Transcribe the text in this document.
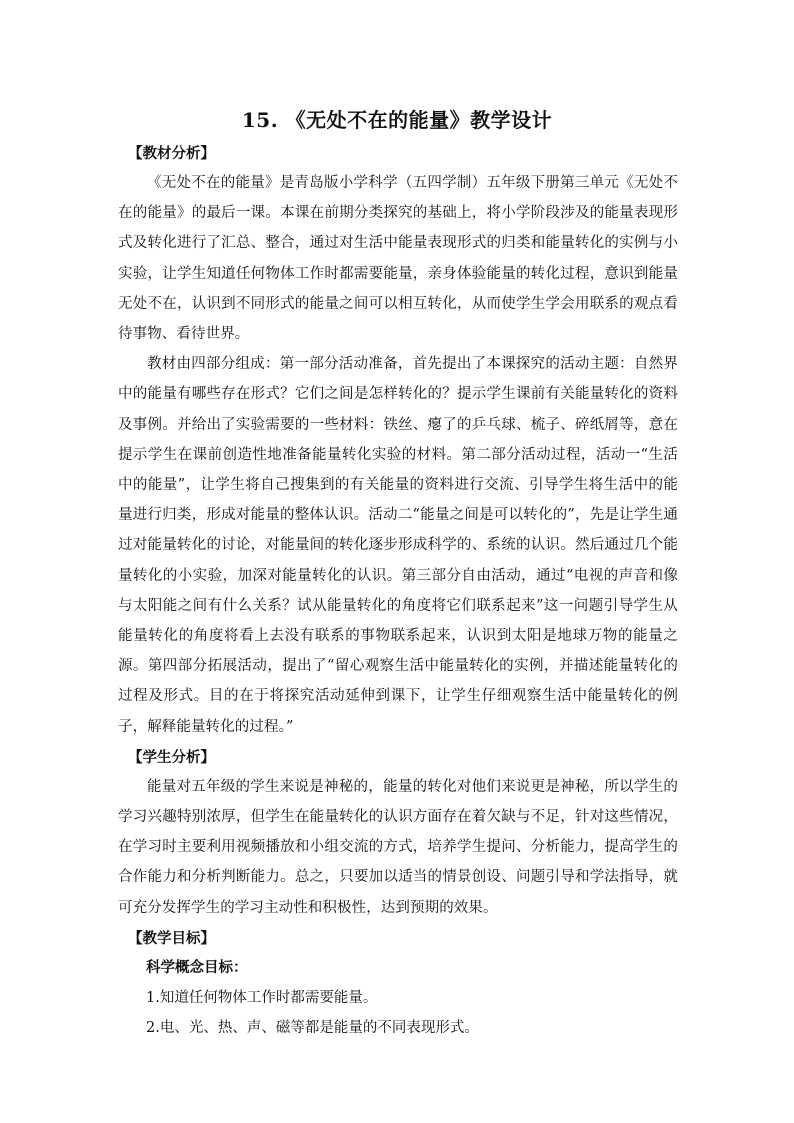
15. 《无处不在的能量》教学设计
【教材分析】

《无处不在的能量》是青岛版小学科学（五四学制）五年级下册第三单元《无处不在的能量》的最后一课。本课在前期分类探究的基础上，将小学阶段涉及的能量表现形式及转化进行了汇总、整合，通过对生活中能量表现形式的归类和能量转化的实例与小实验，让学生知道任何物体工作时都需要能量，亲身体验能量的转化过程，意识到能量无处不在，认识到不同形式的能量之间可以相互转化，从而使学生学会用联系的观点看待事物、看待世界。

教材由四部分组成：第一部分活动准备，首先提出了本课探究的活动主题：自然界中的能量有哪些存在形式？它们之间是怎样转化的？提示学生课前有关能量转化的资料及事例。并给出了实验需要的一些材料：铁丝、瘪了的乒乓球、梳子、碎纸屑等，意在提示学生在课前创造性地准备能量转化实验的材料。第二部分活动过程，活动一“生活中的能量”，让学生将自己搜集到的有关能量的资料进行交流、引导学生将生活中的能量进行归类，形成对能量的整体认识。活动二“能量之间是可以转化的”，先是让学生通过对能量转化的讨论，对能量间的转化逐步形成科学的、系统的认识。然后通过几个能量转化的小实验，加深对能量转化的认识。第三部分自由活动，通过“电视的声音和像与太阳能之间有什么关系？试从能量转化的角度将它们联系起来”这一问题引导学生从能量转化的角度将看上去没有联系的事物联系起来，认识到太阳是地球万物的能量之源。第四部分拓展活动，提出了“留心观察生活中能量转化的实例，并描述能量转化的过程及形式。目的在于将探究活动延伸到课下，让学生仔细观察生活中能量转化的例子，解释能量转化的过程。”

【学生分析】

能量对五年级的学生来说是神秘的，能量的转化对他们来说更是神秘，所以学生的学习兴趣特别浓厚，但学生在能量转化的认识方面存在着欠缺与不足，针对这些情况，在学习时主要利用视频播放和小组交流的方式，培养学生提问、分析能力，提高学生的合作能力和分析判断能力。总之，只要加以适当的情景创设、问题引导和学法指导，就可充分发挥学生的学习主动性和积极性，达到预期的效果。

【教学目标】
科学概念目标：
1.知道任何物体工作时都需要能量。
2.电、光、热、声、磁等都是能量的不同表现形式。
